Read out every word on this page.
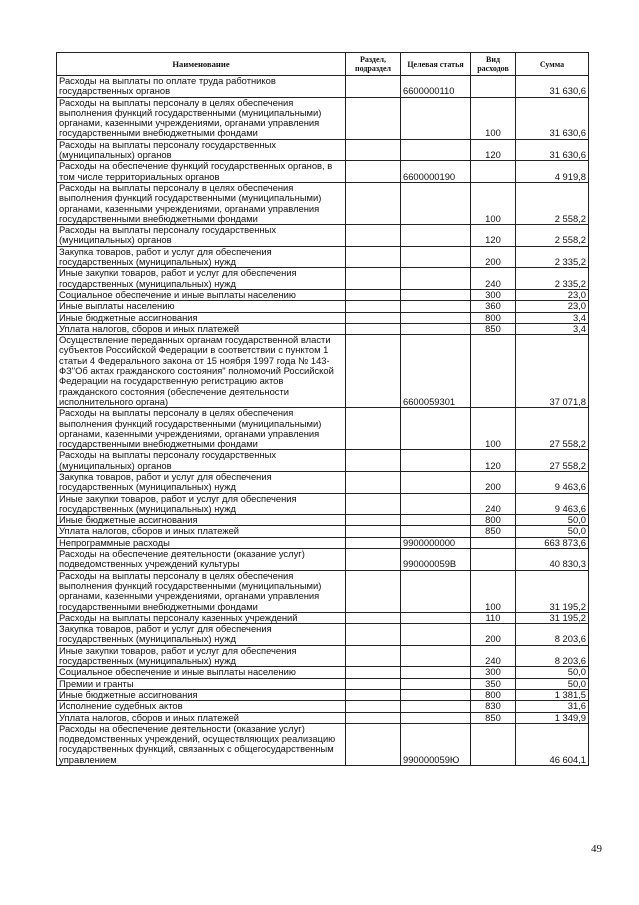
Наименование	Раздел, подраздел	Целевая статья	Вид расходов	Сумма
Расходы на выплаты по оплате труда работников государственных органов		6600000110		31 630,6
Расходы на выплаты персоналу в целях обеспечения выполнения функций государственными (муниципальными) органами, казенными учреждениями, органами управления государственными внебюджетными фондами			100	31 630,6
Расходы на выплаты персоналу государственных (муниципальных) органов			120	31 630,6
Расходы на обеспечение функций государственных органов, в том числе территориальных органов		6600000190		4 919,8
Расходы на выплаты персоналу в целях обеспечения выполнения функций государственными (муниципальными) органами, казенными учреждениями, органами управления государственными внебюджетными фондами			100	2 558,2
Расходы на выплаты персоналу государственных (муниципальных) органов			120	2 558,2
Закупка товаров, работ и услуг для обеспечения государственных (муниципальных) нужд			200	2 335,2
Иные закупки товаров, работ и услуг для обеспечения государственных (муниципальных) нужд			240	2 335,2
Социальное обеспечение и иные выплаты населению			300	23,0
Иные выплаты населению			360	23,0
Иные бюджетные ассигнования			800	3,4
Уплата налогов, сборов и иных платежей			850	3,4
Осуществление переданных органам государственной власти субъектов Российской Федерации в соответствии с пунктом 1 статьи 4 Федерального закона от 15 ноября 1997 года № 143-ФЗ"Об актах гражданского состояния" полномочий Российской Федерации на государственную регистрацию актов гражданского состояния (обеспечение деятельности исполнительного органа)		6600059301		37 071,8
Расходы на выплаты персоналу в целях обеспечения выполнения функций государственными (муниципальными) органами, казенными учреждениями, органами управления государственными внебюджетными фондами			100	27 558,2
Расходы на выплаты персоналу государственных (муниципальных) органов			120	27 558,2
Закупка товаров, работ и услуг для обеспечения государственных (муниципальных) нужд			200	9 463,6
Иные закупки товаров, работ и услуг для обеспечения государственных (муниципальных) нужд			240	9 463,6
Иные бюджетные ассигнования			800	50,0
Уплата налогов, сборов и иных платежей			850	50,0
Непрограммные расходы		9900000000		663 873,6
Расходы на обеспечение деятельности (оказание услуг) подведомственных учреждений культуры		990000059В		40 830,3
Расходы на выплаты персоналу в целях обеспечения выполнения функций государственными (муниципальными) органами, казенными учреждениями, органами управления государственными внебюджетными фондами			100	31 195,2
Расходы на выплаты персоналу казенных учреждений			110	31 195,2
Закупка товаров, работ и услуг для обеспечения государственных (муниципальных) нужд			200	8 203,6
Иные закупки товаров, работ и услуг для обеспечения государственных (муниципальных) нужд			240	8 203,6
Социальное обеспечение и иные выплаты населению			300	50,0
Премии и гранты			350	50,0
Иные бюджетные ассигнования			800	1 381,5
Исполнение судебных актов			830	31,6
Уплата налогов, сборов и иных платежей			850	1 349,9
Расходы на обеспечение деятельности (оказание услуг) подведомственных учреждений, осуществляющих реализацию государственных функций, связанных с общегосударственным управлением		990000059Ю		46 604,1
49
